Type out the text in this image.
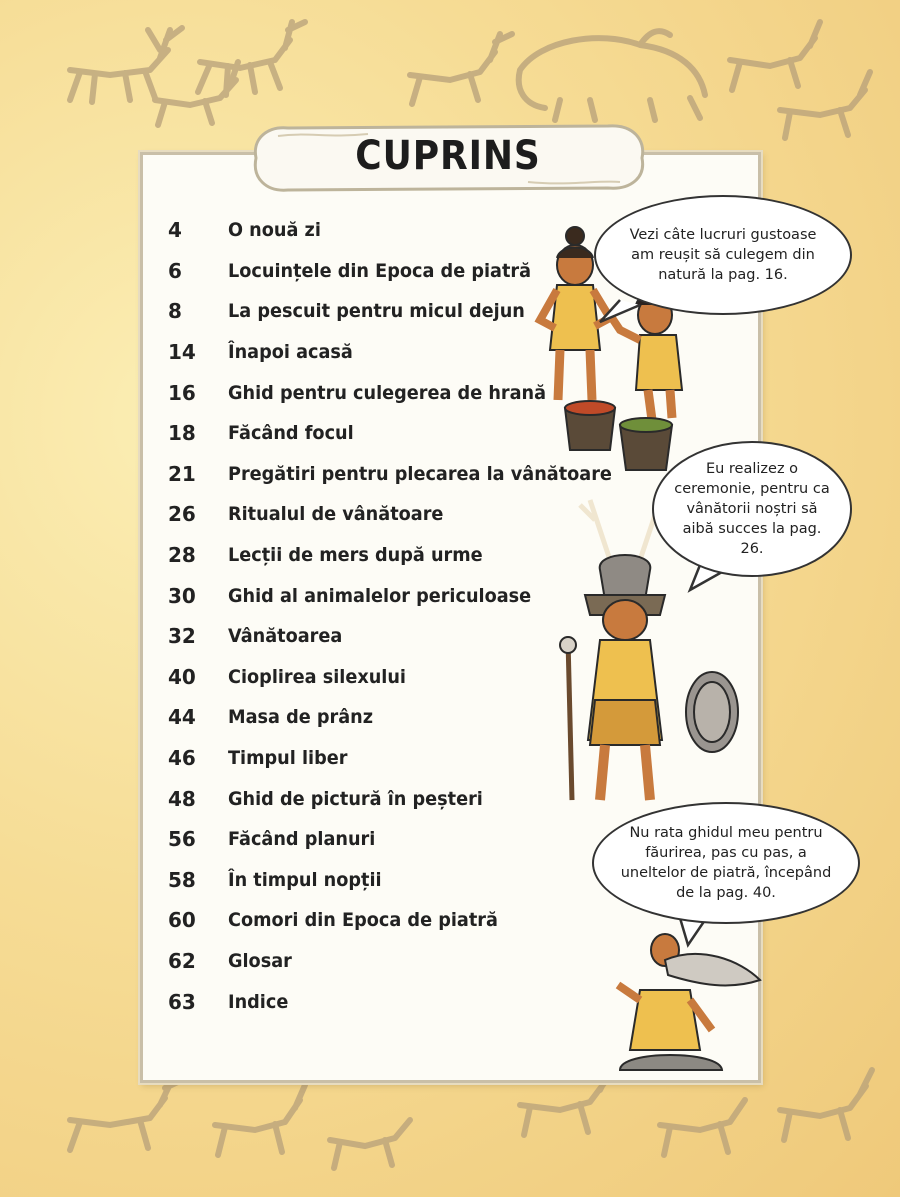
CUPRINS
4	O nouă zi
6	Locuințele din Epoca de piatră
8	La pescuit pentru micul dejun
14	Înapoi acasă
16	Ghid pentru culegerea de hrană
18	Făcând focul
21	Pregătiri pentru plecarea la vânătoare
26	Ritualul de vânătoare
28	Lecții de mers după urme
30	Ghid al animalelor periculoase
32	Vânătoarea
40	Cioplirea silexului
44	Masa de prânz
46	Timpul liber
48	Ghid de pictură în peșteri
56	Făcând planuri
58	În timpul nopții
60	Comori din Epoca de piatră
62	Glosar
63	Indice
Vezi câte lucruri gustoase am reușit să culegem din natură la pag. 16.
Eu realizez o ceremonie, pentru ca vânătorii noștri să aibă succes la pag. 26.
Nu rata ghidul meu pentru făurirea, pas cu pas, a uneltelor de piatră, începând de la pag. 40.
